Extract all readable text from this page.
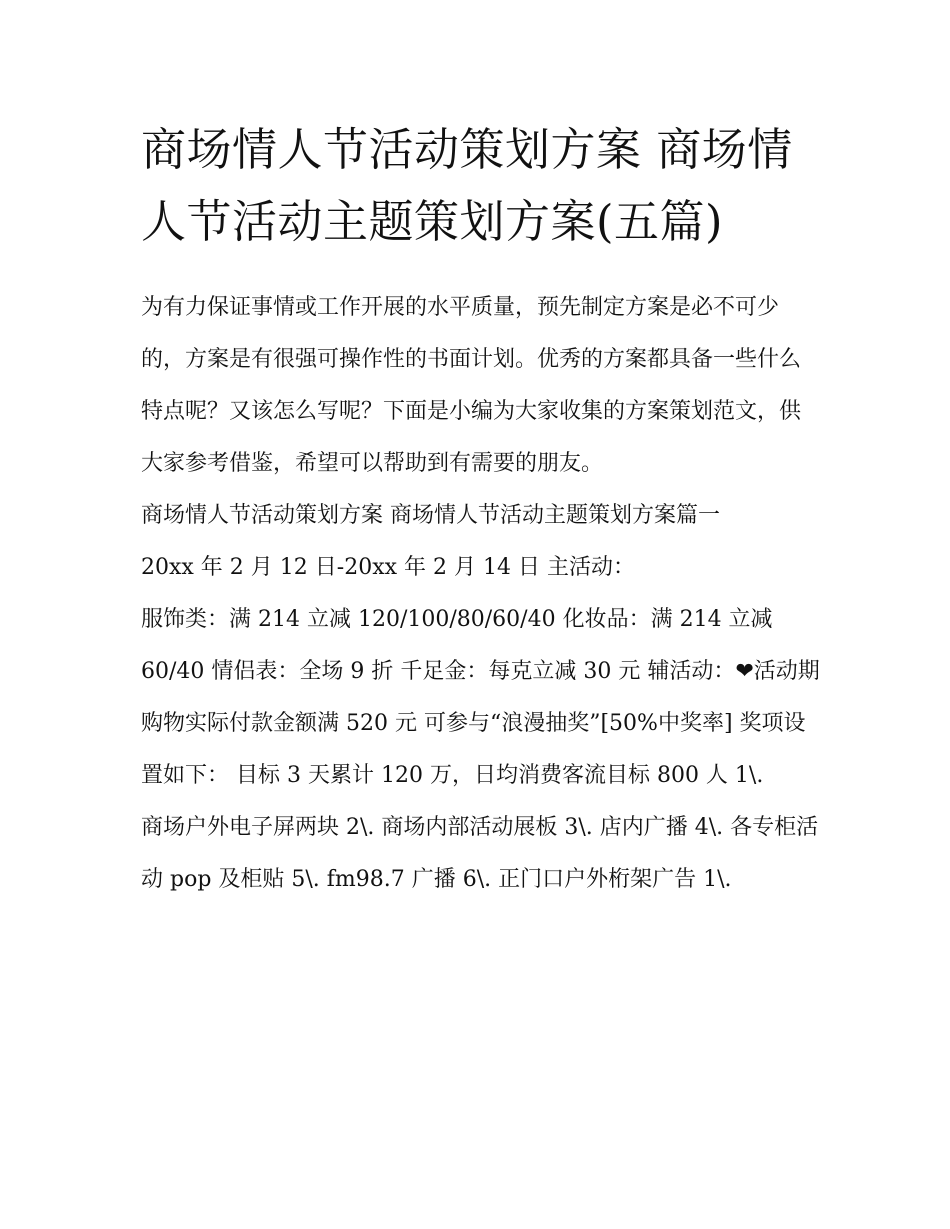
商场情人节活动策划方案 商场情人节活动主题策划方案(五篇)

为有力保证事情或工作开展的水平质量，预先制定方案是必不可少的，方案是有很强可操作性的书面计划。优秀的方案都具备一些什么特点呢？又该怎么写呢？下面是小编为大家收集的方案策划范文，供大家参考借鉴，希望可以帮助到有需要的朋友。

商场情人节活动策划方案 商场情人节活动主题策划方案篇一

20xx 年 2 月 12 日-20xx 年 2 月 14 日 主活动：

服饰类：满 214 立减 120/100/80/60/40 化妆品：满 214 立减 60/40 情侣表：全场 9 折 千足金：每克立减 30 元 辅活动：❤活动期购物实际付款金额满 520 元 可参与“浪漫抽奖”[50%中奖率] 奖项设置如下： 目标 3 天累计 120 万，日均消费客流目标 800 人 1\.

商场户外电子屏两块 2\. 商场内部活动展板 3\. 店内广播 4\. 各专柜活动 pop 及柜贴 5\. fm98.7 广播 6\. 正门口户外桁架广告 1\.
